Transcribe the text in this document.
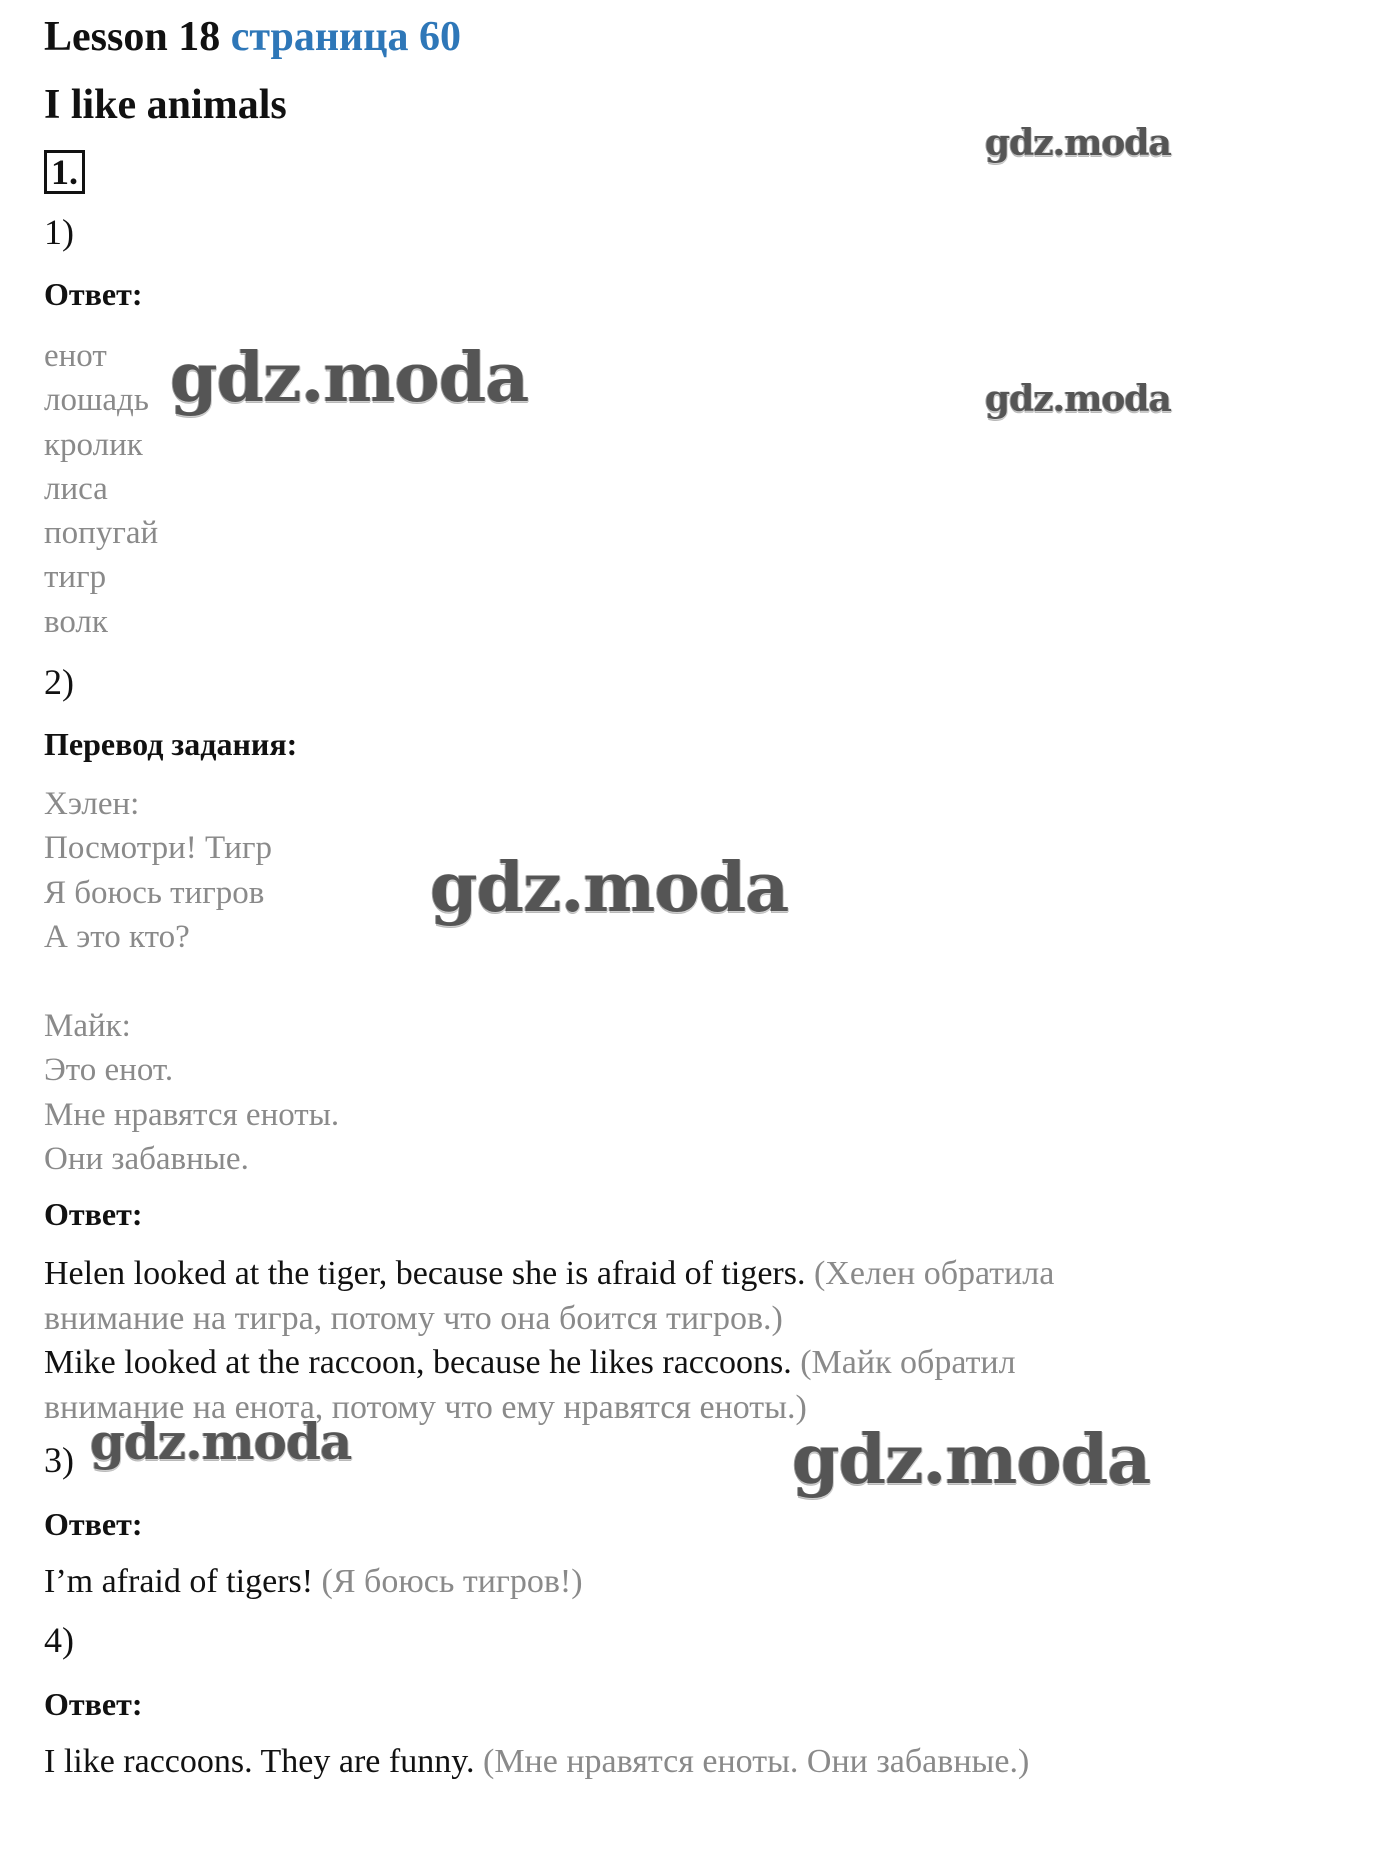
Lesson 18 страница 60
I like animals
1.
1)
Ответ:
енот
лошадь
кролик
лиса
попугай
тигр
волк
2)
Перевод задания:
Хэлен:
Посмотри! Тигр
Я боюсь тигров
А это кто?
Майк:
Это енот.
Мне нравятся еноты.
Они забавные.
Ответ:
Helen looked at the tiger, because she is afraid of tigers. (Хелен обратила
внимание на тигра, потому что она боится тигров.)
Mike looked at the raccoon, because he likes raccoons. (Майк обратил
внимание на енота, потому что ему нравятся еноты.)
3)
Ответ:
I’m afraid of tigers! (Я боюсь тигров!)
4)
Ответ:
I like raccoons. They are funny. (Мне нравятся еноты. Они забавные.)
gdz.moda
gdz.moda
gdz.moda
gdz.moda
gdz.moda	gdz.moda
